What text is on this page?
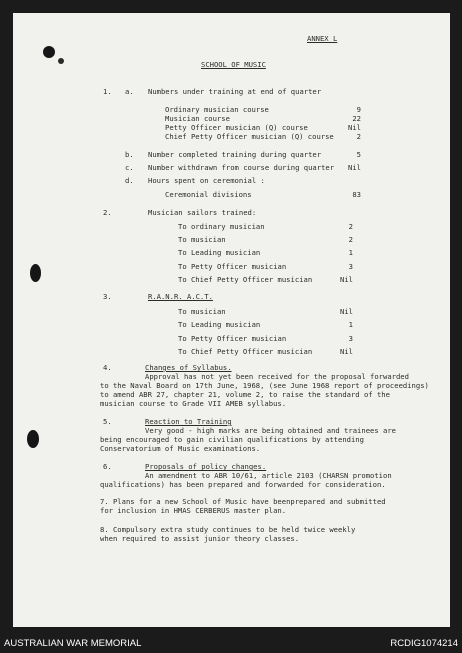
ANNEX L
SCHOOL OF MUSIC
1. a. Numbers under training at end of quarter
Ordinary musician course	9
Musician course	22
Petty Officer musician (Q) course	Nil
Chief Petty Officer musician (Q) course	2
b. Number completed training during quarter	5
c. Number withdrawn from course during quarter	Nil
d. Hours spent on ceremonial :
Ceremonial divisions	83
2.	Musician sailors trained:
To ordinary musician	2
To musician	2
To Leading musician	1
To Petty Officer musician	3
To Chief Petty Officer musician	Nil
3.	R.A.N.R. A.C.T.
To musician	Nil
To Leading musician	1
To Petty Officer musician	3
To Chief Petty Officer musician	Nil
4.	Changes of Syllabus.
Approval has not yet been received for the proposal forwarded
to the Naval Board on 17th June, 1968, (see June 1968 report of proceedings)
to amend ABR 27, chapter 21, volume 2, to raise the standard of the
musician course to Grade VII AMEB syllabus.
5.	Reaction to Training
Very good - high marks are being obtained and trainees are
being encouraged to gain civilian qualifications by attending
Conservatorium of Music examinations.
6.	Proposals of policy changes.
An amendment to ABR 10/61, article 2103 (CHARSN promotion
qualifications) has been prepared and forwarded for consideration.
7. Plans for a new School of Music have beenprepared and submitted
for inclusion in HMAS CERBERUS master plan.
8. Compulsory extra study continues to be held twice weekly
when required to assist junior theory classes.
AUSTRALIAN WAR MEMORIAL	RCDIG1074214
